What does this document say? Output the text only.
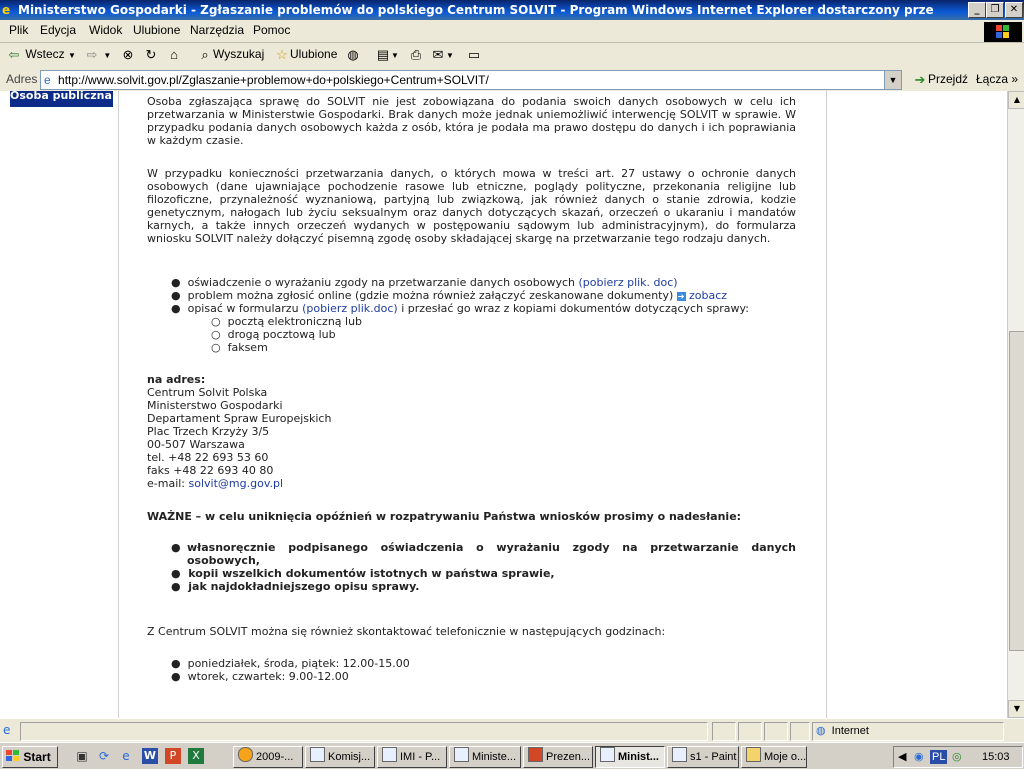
e Ministerstwo Gospodarki - Zgłaszanie problemów do polskiego Centrum SOLVIT - Program Windows Internet Explorer dostarczony prze	_	❐	✕
Plik Edycja Widok Ulubione Narzędzia Pomoc
⇦ Wstecz ▼ ⇨ ▼ ⊗ ↻	⌂	⌕ Wyszukaj ☆ Ulubione ◍ ▤ ▼ ⎙ ✉ ▼ ▭
Adres e http://www.solvit.gov.pl/Zglaszanie+problemow+do+polskiego+Centrum+SOLVIT/	▼ ➔ Przejdź Łącza »
Osoba publiczna	Osoba zgłaszająca sprawę do SOLVIT nie jest zobowiązana do podania swoich danych osobowych w celu ich przetwarzania w Ministerstwie Gospodarki. Brak danych może jednak uniemożliwić interwencję SOLVIT w sprawie. W przypadku podania danych osobowych każda z osób, która je podała ma prawo dostępu do danych i ich poprawiania w każdym czasie.

W przypadku konieczności przetwarzania danych, o których mowa w treści art. 27 ustawy o ochronie danych osobowych (dane ujawniające pochodzenie rasowe lub etniczne, poglądy polityczne, przekonania religijne lub filozoficzne, przynależność wyznaniową, partyjną lub związkową, jak również danych o stanie zdrowia, kodzie genetycznym, nałogach lub życiu seksualnym oraz danych dotyczących skazań, orzeczeń o ukaraniu i mandatów karnych, a także innych orzeczeń wydanych w postępowaniu sądowym lub administracyjnym), do formularza wniosku SOLVIT należy dołączyć pisemną zgodę osoby składającej skargę na przetwarzanie tego rodzaju danych.

●  oświadczenie o wyrażaniu zgody na przetwarzanie danych osobowych (pobierz plik. doc)
●  problem można zgłosić online (gdzie można również załączyć zeskanowane dokumenty) ➔ zobacz
●  opisać w formularzu (pobierz plik.doc) i przesłać go wraz z kopiami dokumentów dotyczących sprawy:
○  pocztą elektroniczną lub
○  drogą pocztową lub
○  faksem
na adres:
Centrum Solvit Polska
Ministerstwo Gospodarki
Departament Spraw Europejskich
Plac Trzech Krzyży 3/5
00-507 Warszawa
tel. +48 22 693 53 60
faks +48 22 693 40 80
e-mail: solvit@mg.gov.pl
WAŻNE – w celu uniknięcia opóźnień w rozpatrywaniu Państwa wniosków prosimy o nadesłanie:
● własnoręcznie podpisanego oświadczenia o wyrażaniu zgody na przetwarzanie danych osobowych,
●  kopii wszelkich dokumentów istotnych w państwa sprawie,
●  jak najdokładniejszego opisu sprawy.
Z Centrum SOLVIT można się również skontaktować telefonicznie w następujących godzinach:
●  poniedziałek, środa, piątek: 12.00-15.00
●  wtorek, czwartek: 9.00-12.00
▲
▼
e	◍ Internet
Start	▣ ⟳	e	W	P	X	2009-...	Komisj...	IMI - P...	Ministe...	Prezen...	Minist...	s1 - Paint	Moje o...	◀ ◉ PL ◎ 15:03
